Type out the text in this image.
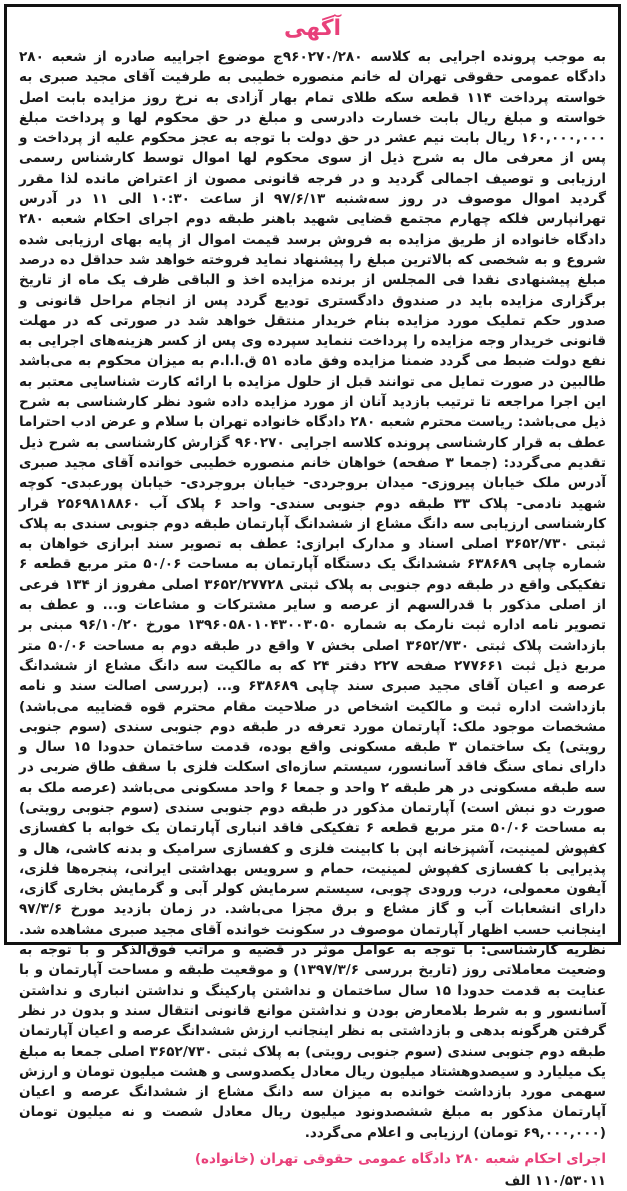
آگهی

به موجب پرونده اجرایی به کلاسه ۹۶۰۲۷۰/۲۸۰ج موضوع اجراییه صادره از شعبه ۲۸۰ دادگاه عمومی حقوقی تهران له خانم منصوره خطیبی به طرفیت آقای مجید صبری به خواسته پرداخت ۱۱۴ قطعه سکه طلای تمام بهار آزادی به نرخ روز مزایده بابت اصل خواسته و مبلغ ریال بابت خسارت دادرسی و مبلغ در حق محکوم لها و پرداخت مبلغ ۱۶۰,۰۰۰,۰۰۰ ریال بابت نیم عشر در حق دولت با توجه به عجز محکوم علیه از پرداخت و پس از معرفی مال به شرح ذیل از سوی محکوم لها اموال توسط کارشناس رسمی ارزیابی و توصیف اجمالی گردید و در فرجه قانونی مصون از اعتراض مانده لذا مقرر گردید اموال موصوف در روز سه‌شنبه ۹۷/۶/۱۳ از ساعت ۱۰:۳۰ الی ۱۱ در آدرس تهرانپارس فلکه چهارم مجتمع قضایی شهید باهنر طبقه دوم اجرای احکام شعبه ۲۸۰ دادگاه خانواده از طریق مزایده به فروش برسد قیمت اموال از پایه بهای ارزیابی شده شروع و به شخصی که بالاترین مبلغ را پیشنهاد نماید فروخته خواهد شد حداقل ده درصد مبلغ پیشنهادی نقدا فی المجلس از برنده مزایده اخذ و الباقی ظرف یک ماه از تاریخ برگزاری مزایده باید در صندوق دادگستری تودیع گردد پس از انجام مراحل قانونی و صدور حکم تملیک مورد مزایده بنام خریدار منتقل خواهد شد در صورتی که در مهلت قانونی خریدار وجه مزایده را پرداخت ننماید سپرده وی پس از کسر هزینه‌های اجرایی به نفع دولت ضبط می گردد ضمنا مزایده وفق ماده ۵۱ ق.ا.ا.م به میزان محکوم به می‌باشد طالبین در صورت تمایل می توانند قبل از حلول مزایده با ارائه کارت شناسایی معتبر به این اجرا مراجعه تا ترتیب بازدید آنان از مورد مزایده داده شود نظر کارشناسی به شرح ذیل می‌باشد: ریاست محترم شعبه ۲۸۰ دادگاه خانواده تهران با سلام و عرض ادب احتراما عطف به قرار کارشناسی پرونده کلاسه اجرایی ۹۶۰۲۷۰ گزارش کارشناسی به شرح ذیل تقدیم می‌گردد: (جمعا ۳ صفحه) خواهان خانم منصوره خطیبی خوانده آقای مجید صبری آدرس ملک خیابان پیروزی- میدان بروجردی- خیابان بروجردی- خیابان پورعبدی- کوچه شهید نادمی- پلاک ۳۳ طبقه دوم جنوبی سندی- واحد ۶ پلاک آب ۲۵۶۹۸۱۸۸۶۰ قرار کارشناسی ارزیابی سه دانگ مشاع از ششدانگ آپارتمان طبقه دوم جنوبی سندی به پلاک ثبتی ۳۶۵۲/۷۳۰ اصلی اسناد و مدارک ابرازی: عطف به تصویر سند ابرازی خواهان به شماره چاپی ۶۳۸۶۸۹ ششدانگ یک دستگاه آپارتمان به مساحت ۵۰/۰۶ متر مربع قطعه ۶ تفکیکی واقع در طبقه دوم جنوبی به پلاک ثبتی ۳۶۵۲/۲۷۷۲۸ اصلی مفروز از ۱۳۴ فرعی از اصلی مذکور با قدرالسهم از عرصه و سایر مشترکات و مشاعات و... و عطف به تصویر نامه اداره ثبت نارمک به شماره ۱۳۹۶۰۵۸۰۱۰۴۳۰۰۳۰۵۰ مورخ ۹۶/۱۰/۲۰ مبنی بر بازداشت پلاک ثبتی ۳۶۵۲/۷۳۰ اصلی بخش ۷ واقع در طبقه دوم به مساحت ۵۰/۰۶ متر مربع ذیل ثبت ۲۷۷۶۶۱ صفحه ۲۲۷ دفتر ۲۴ که به مالکیت سه دانگ مشاع از ششدانگ عرصه و اعیان آقای مجید صبری سند چاپی ۶۳۸۶۸۹ و... (بررسی اصالت سند و نامه بازداشت اداره ثبت و مالکیت اشخاص در صلاحیت مقام محترم قوه قضاییه می‌باشد) مشخصات موجود ملک: آپارتمان مورد تعرفه در طبقه دوم جنوبی سندی (سوم جنوبی رویتی) یک ساختمان ۳ طبقه مسکونی واقع بوده، قدمت ساختمان حدودا ۱۵ سال و دارای نمای سنگ فاقد آسانسور، سیستم سازه‌ای اسکلت فلزی با سقف طاق ضربی در سه طبقه مسکونی در هر طبقه ۲ واحد و جمعا ۶ واحد مسکونی می‌باشد (عرصه ملک به صورت دو نبش است) آپارتمان مذکور در طبقه دوم جنوبی سندی (سوم جنوبی رویتی) به مساحت ۵۰/۰۶ متر مربع قطعه ۶ تفکیکی فاقد انباری آپارتمان یک خوابه با کفسازی کفپوش لمینیت، آشپزخانه اپن با کابینت فلزی و کفسازی سرامیک و بدنه کاشی، هال و پذیرایی با کفسازی کفپوش لمینیت، حمام و سرویس بهداشتی ایرانی، پنجره‌ها فلزی، آیفون معمولی، درب ورودی چوبی، سیستم سرمایش کولر آبی و گرمایش بخاری گازی، دارای انشعابات آب و گاز مشاع و برق مجزا می‌باشد. در زمان بازدید مورخ ۹۷/۳/۶ اینجانب حسب اظهار آپارتمان موصوف در سکونت خوانده آقای مجید صبری مشاهده شد. نظریه کارشناسی: با توجه به عوامل موثر در قضیه و مراتب فوق‌الذکر و با توجه به وضعیت معاملاتی روز (تاریخ بررسی ۱۳۹۷/۳/۶) و موقعیت طبقه و مساحت آپارتمان و با عنایت به قدمت حدودا ۱۵ سال ساختمان و نداشتن پارکینگ و نداشتن انباری و نداشتن آسانسور و به شرط بلامعارض بودن و نداشتن موانع قانونی انتقال سند و بدون در نظر گرفتن هرگونه بدهی و بازداشتی به نظر اینجانب ارزش ششدانگ عرصه و اعیان آپارتمان طبقه دوم جنوبی سندی (سوم جنوبی رویتی) به پلاک ثبتی ۳۶۵۲/۷۳۰ اصلی جمعا به مبلغ یک میلیارد و سیصدوهشتاد میلیون ریال معادل یکصدوسی و هشت میلیون تومان و ارزش سهمی مورد بازداشت خوانده به میزان سه دانگ مشاع از ششدانگ عرصه و اعیان آپارتمان مذکور به مبلغ ششصدونود میلیون ریال معادل شصت و نه میلیون تومان (۶۹,۰۰۰,۰۰۰ تومان) ارزیابی و اعلام می‌گردد.

اجرای احکام شعبه ۲۸۰ دادگاه عمومی حقوقی تهران (خانواده)
۱۱۰/۵۳۰۱۱ الف
